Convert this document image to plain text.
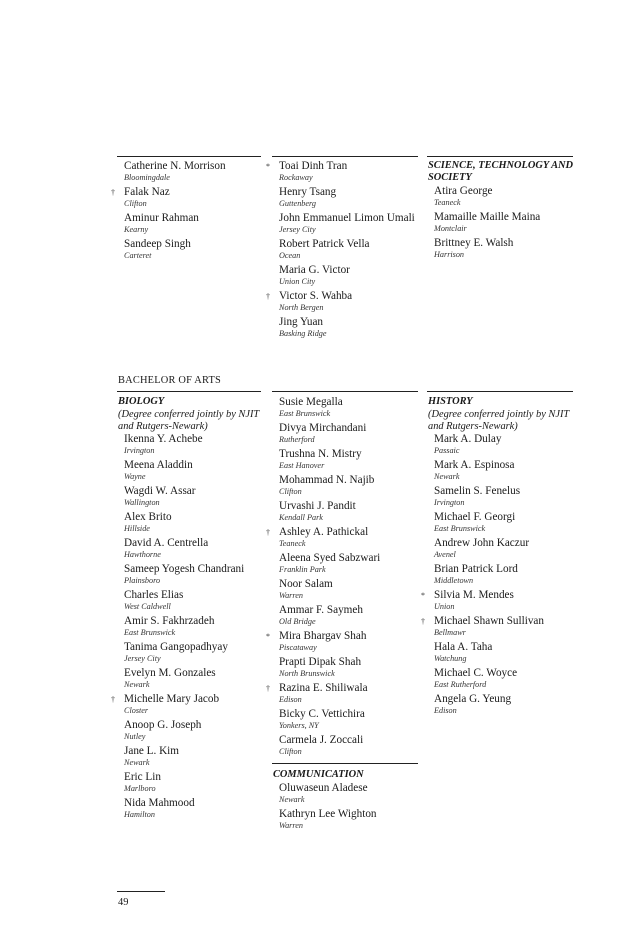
Catherine N. Morrison
Bloomingdale
† Falak Naz
Clifton
Aminur Rahman
Kearny
Sandeep Singh
Carteret
* Toai Dinh Tran
Rockaway
Henry Tsang
Guttenberg
John Emmanuel Limon Umali
Jersey City
Robert Patrick Vella
Ocean
Maria G. Victor
Union City
† Victor S. Wahba
North Bergen
Jing Yuan
Basking Ridge
SCIENCE, TECHNOLOGY AND SOCIETY
Atira George
Teaneck
Mamaille Maille Maina
Montclair
Brittney E. Walsh
Harrison
BACHELOR OF ARTS
BIOLOGY
(Degree conferred jointly by NJIT and Rutgers-Newark)
Ikenna Y. Achebe
Irvington
Meena Aladdin
Wayne
Wagdi W. Assar
Wallington
Alex Brito
Hillside
David A. Centrella
Hawthorne
Sameep Yogesh Chandrani
Plainsboro
Charles Elias
West Caldwell
Amir S. Fakhrzadeh
East Brunswick
Tanima Gangopadhyay
Jersey City
Evelyn M. Gonzales
Newark
† Michelle Mary Jacob
Closter
Anoop G. Joseph
Nutley
Jane L. Kim
Newark
Eric Lin
Marlboro
Nida Mahmood
Hamilton
Susie Megalla
East Brunswick
Divya Mirchandani
Rutherford
Trushna N. Mistry
East Hanover
Mohammad N. Najib
Clifton
Urvashi J. Pandit
Kendall Park
† Ashley A. Pathickal
Teaneck
Aleena Syed Sabzwari
Franklin Park
Noor Salam
Warren
Ammar F. Saymeh
Old Bridge
* Mira Bhargav Shah
Piscataway
Prapti Dipak Shah
North Brunswick
† Razina E. Shiliwala
Edison
Bicky C. Vettichira
Yonkers, NY
Carmela J. Zoccali
Clifton
COMMUNICATION
Oluwaseun Aladese
Newark
Kathryn Lee Wighton
Warren
HISTORY
(Degree conferred jointly by NJIT and Rutgers-Newark)
Mark A. Dulay
Passaic
Mark A. Espinosa
Newark
Samelin S. Fenelus
Irvington
Michael F. Georgi
East Brunswick
Andrew John Kaczur
Avenel
Brian Patrick Lord
Middletown
* Silvia M. Mendes
Union
† Michael Shawn Sullivan
Bellmawr
Hala A. Taha
Watchung
Michael C. Woyce
East Rutherford
Angela G. Yeung
Edison
49
